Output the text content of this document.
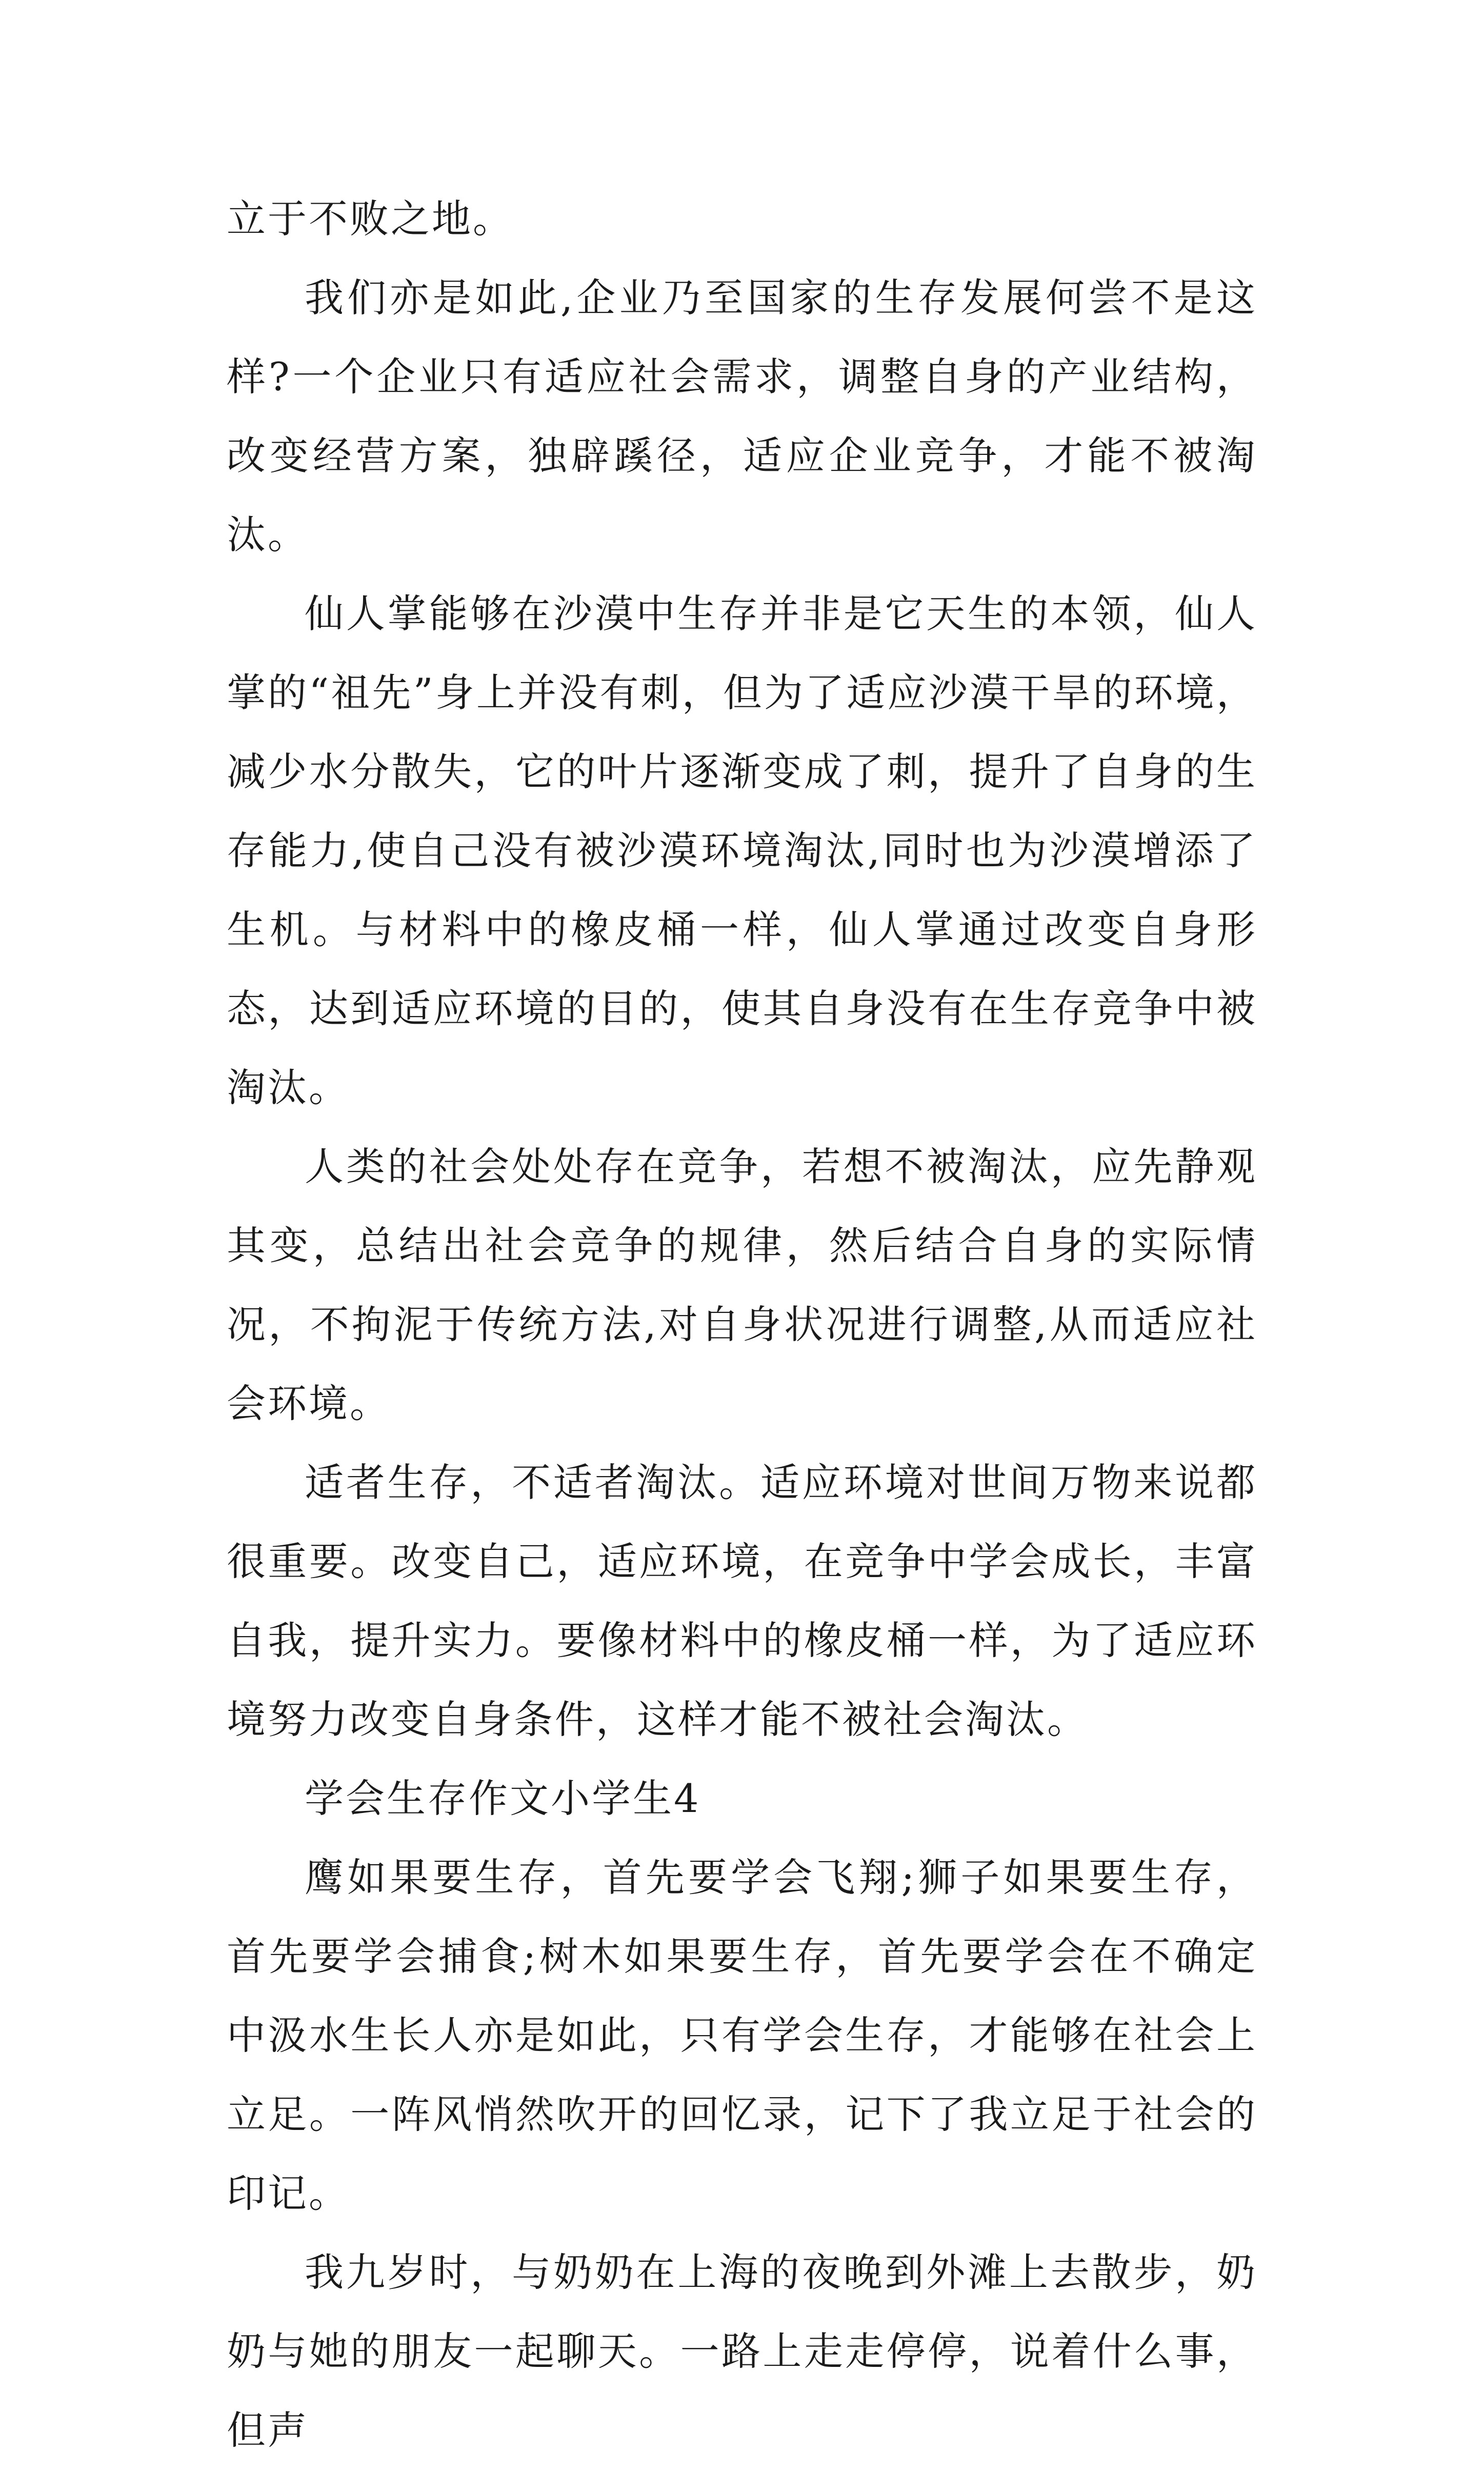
立于不败之地。

我们亦是如此,企业乃至国家的生存发展何尝不是这样?一个企业只有适应社会需求，调整自身的产业结构，改变经营方案，独辟蹊径，适应企业竞争，才能不被淘汰。

仙人掌能够在沙漠中生存并非是它天生的本领，仙人掌的“祖先”身上并没有刺，但为了适应沙漠干旱的环境，减少水分散失，它的叶片逐渐变成了刺，提升了自身的生存能力,使自己没有被沙漠环境淘汰,同时也为沙漠增添了生机。与材料中的橡皮桶一样，仙人掌通过改变自身形态，达到适应环境的目的，使其自身没有在生存竞争中被淘汰。

人类的社会处处存在竞争，若想不被淘汰，应先静观其变，总结出社会竞争的规律，然后结合自身的实际情况，不拘泥于传统方法,对自身状况进行调整,从而适应社会环境。

适者生存，不适者淘汰。适应环境对世间万物来说都很重要。改变自己，适应环境，在竞争中学会成长，丰富自我，提升实力。要像材料中的橡皮桶一样，为了适应环境努力改变自身条件，这样才能不被社会淘汰。

学会生存作文小学生4

鹰如果要生存，首先要学会飞翔;狮子如果要生存，首先要学会捕食;树木如果要生存，首先要学会在不确定中汲水生长人亦是如此，只有学会生存，才能够在社会上立足。一阵风悄然吹开的回忆录，记下了我立足于社会的印记。

我九岁时，与奶奶在上海的夜晚到外滩上去散步，奶奶与她的朋友一起聊天。一路上走走停停，说着什么事，但声
